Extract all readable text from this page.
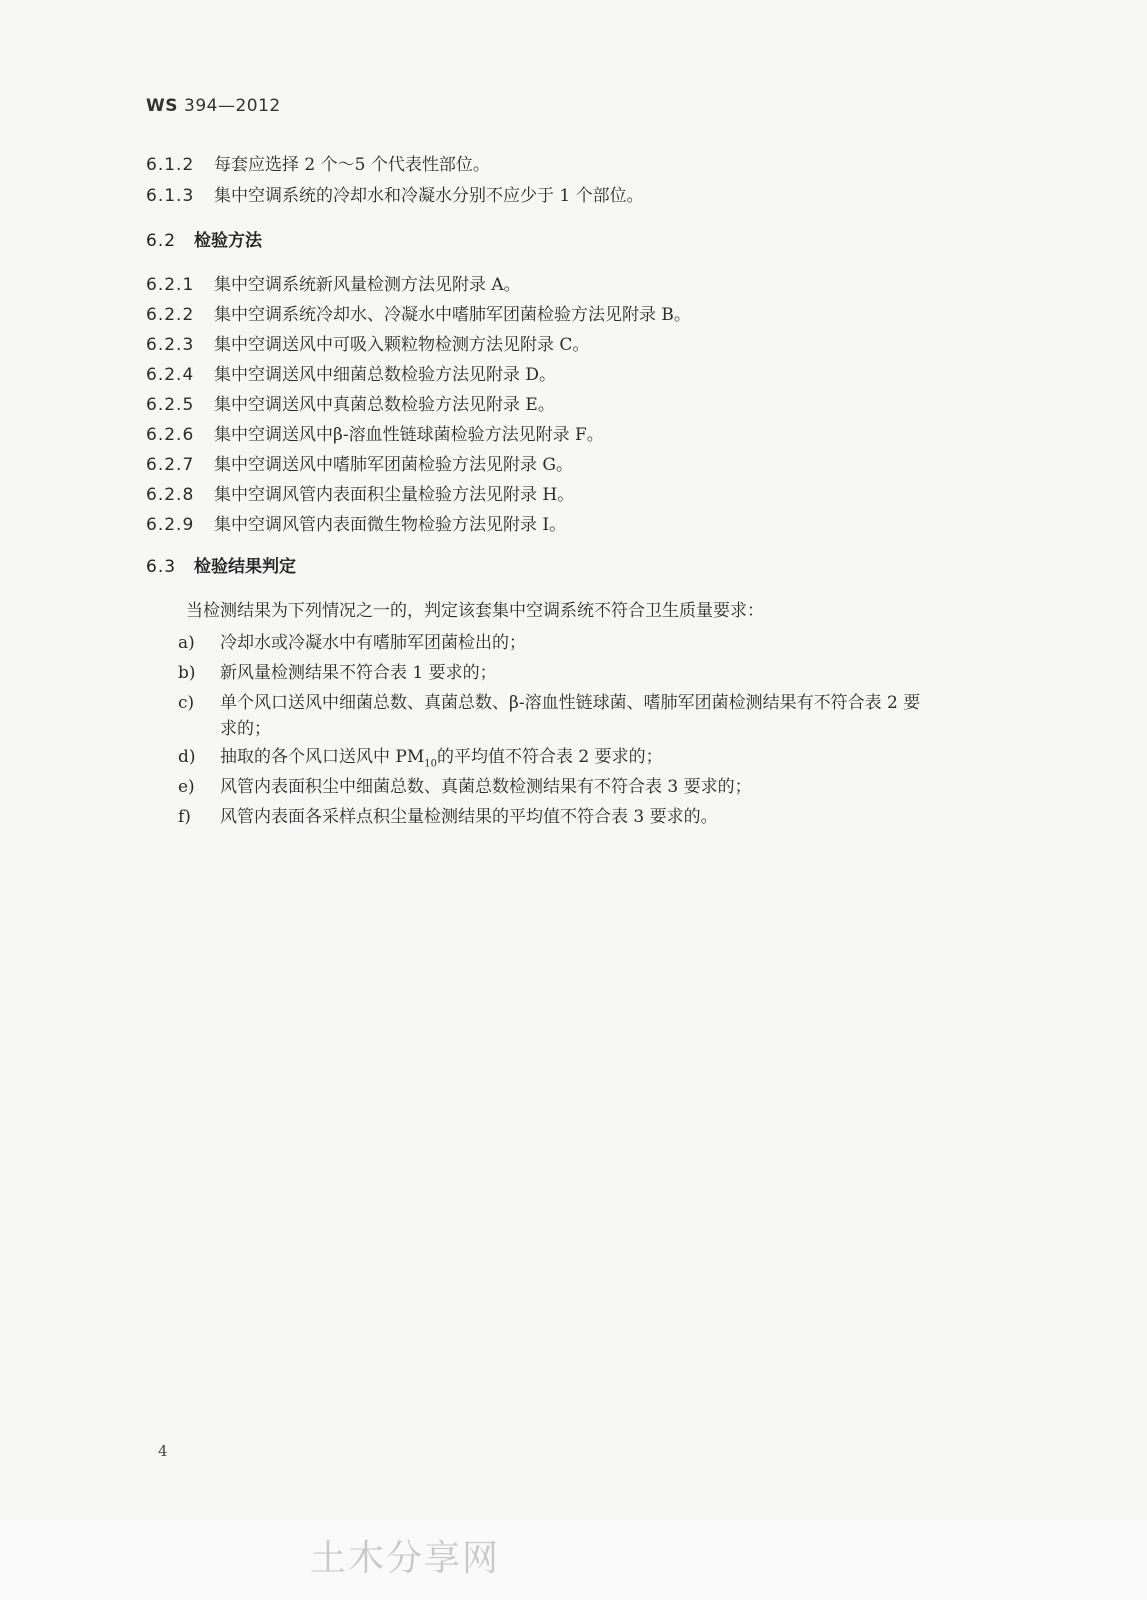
WS 394—2012
6.1.2 每套应选择 2 个～5 个代表性部位。
6.1.3 集中空调系统的冷却水和冷凝水分别不应少于 1 个部位。
6.2 检验方法
6.2.1 集中空调系统新风量检测方法见附录 A。
6.2.2 集中空调系统冷却水、冷凝水中嗜肺军团菌检验方法见附录 B。
6.2.3 集中空调送风中可吸入颗粒物检测方法见附录 C。
6.2.4 集中空调送风中细菌总数检验方法见附录 D。
6.2.5 集中空调送风中真菌总数检验方法见附录 E。
6.2.6 集中空调送风中β-溶血性链球菌检验方法见附录 F。
6.2.7 集中空调送风中嗜肺军团菌检验方法见附录 G。
6.2.8 集中空调风管内表面积尘量检验方法见附录 H。
6.2.9 集中空调风管内表面微生物检验方法见附录 I。
6.3 检验结果判定
当检测结果为下列情况之一的，判定该套集中空调系统不符合卫生质量要求：
a) 冷却水或冷凝水中有嗜肺军团菌检出的；
b) 新风量检测结果不符合表 1 要求的；
c) 单个风口送风中细菌总数、真菌总数、β-溶血性链球菌、嗜肺军团菌检测结果有不符合表 2 要
求的；
d) 抽取的各个风口送风中 $PM_{10}$的平均值不符合表 2 要求的；
e) 风管内表面积尘中细菌总数、真菌总数检测结果有不符合表 3 要求的；
f) 风管内表面各采样点积尘量检测结果的平均值不符合表 3 要求的。
4
土木分享网
